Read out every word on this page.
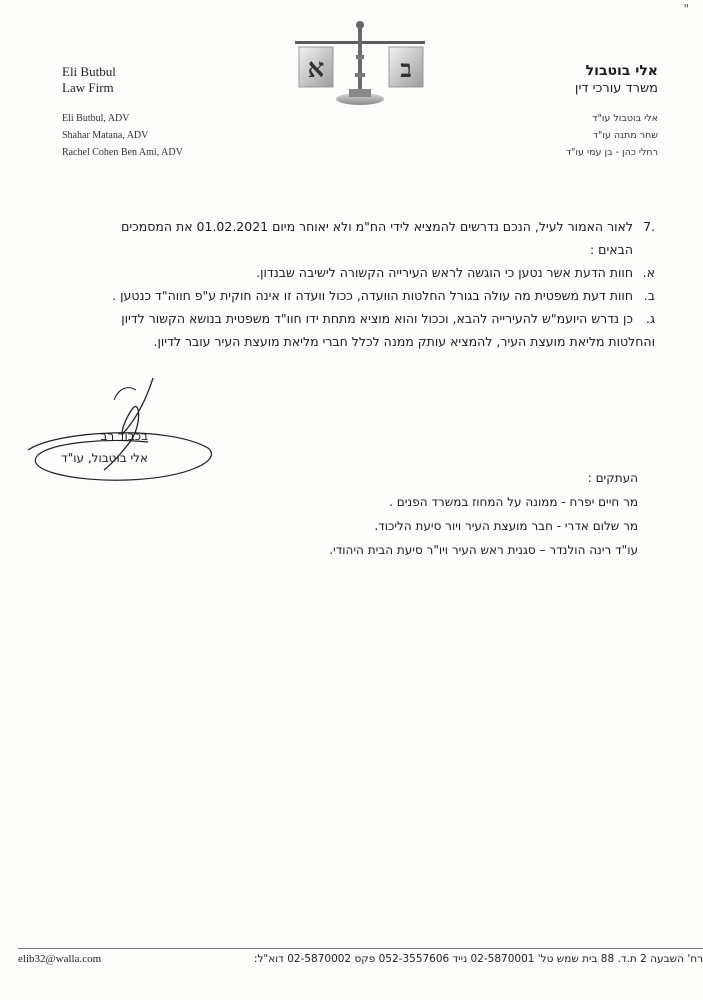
"
Eli Butbul
Law Firm
Eli Butbul, ADV
Shahar Matana, ADV
Rachel Cohen Ben Ami, ADV
א	ב	אלי בוטבול
משרד עורכי דין
אלי בוטבול עו"ד
שחר מתנה עו"ד
רחלי כהן - בן עמי עו"ד
.7
לאור האמור לעיל, הנכם נדרשים להמציא לידי הח"מ ולא יאוחר מיום 01.02.2021 את המסמכים
הבאים :
א.
חוות הדעת אשר נטען כי הוגשה לראש העירייה הקשורה לישיבה שבנדון.
ב.
חוות דעת משפטית מה עולה בגורל החלטות הוועדה, ככול וועדה זו אינה חוקית ע"פ חווה"ד כנטען .
ג.
כן נדרש היועמ"ש להעירייה להבא, וככול והוא מוציא מתחת ידו חוו"ד משפטית בנושא הקשור לדיון
והחלטות מליאת מועצת העיר, להמציא עותק ממנה לכלל חברי מליאת מועצת העיר עובר לדיון.
בכבוד רב
אלי בוטבול, עו"ד
העתקים :
מר חיים יפרח - ממונה על המחוז במשרד הפנים .
מר שלום אדרי - חבר מועצת העיר ויור סיעת הליכוד.
עו"ד רינה הולנדר – סגנית ראש העיר ויו"ר סיעת הבית היהודי.
elib32@walla.com	רח' השבעה 2 ת.ד. 88 בית שמש טל' 02-5870001 נייד 052-3557606 פקס 02-5870002 דוא"ל:
